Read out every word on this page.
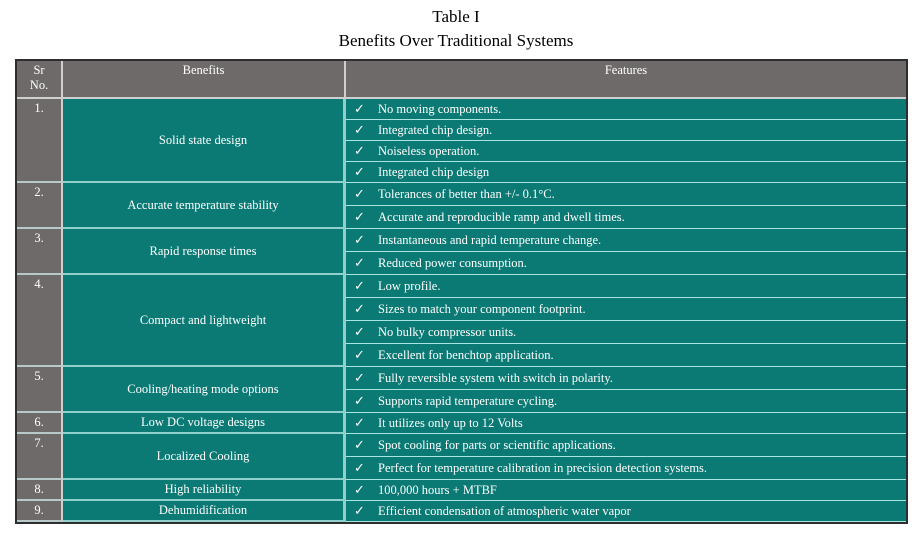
Table I
Benefits Over Traditional Systems
Sr
No.	Benefits	Features
1.	Solid state design	✓ No moving components.
		✓ Integrated chip design.
		✓ Noiseless operation.
		✓ Integrated chip design
2.	Accurate temperature stability	✓ Tolerances of better than +/- 0.1°C.
		✓ Accurate and reproducible ramp and dwell times.
3.	Rapid response times	✓ Instantaneous and rapid temperature change.
		✓ Reduced power consumption.
4.	Compact and lightweight	✓ Low profile.
		✓ Sizes to match your component footprint.
		✓ No bulky compressor units.
		✓ Excellent for benchtop application.
5.	Cooling/heating mode options	✓ Fully reversible system with switch in polarity.
		✓ Supports rapid temperature cycling.
6.	Low DC voltage designs	✓ It utilizes only up to 12 Volts
7.	Localized Cooling	✓ Spot cooling for parts or scientific applications.
		✓ Perfect for temperature calibration in precision detection systems.
8.	High reliability	✓ 100,000 hours + MTBF
9.	Dehumidification	✓ Efficient condensation of atmospheric water vapor
